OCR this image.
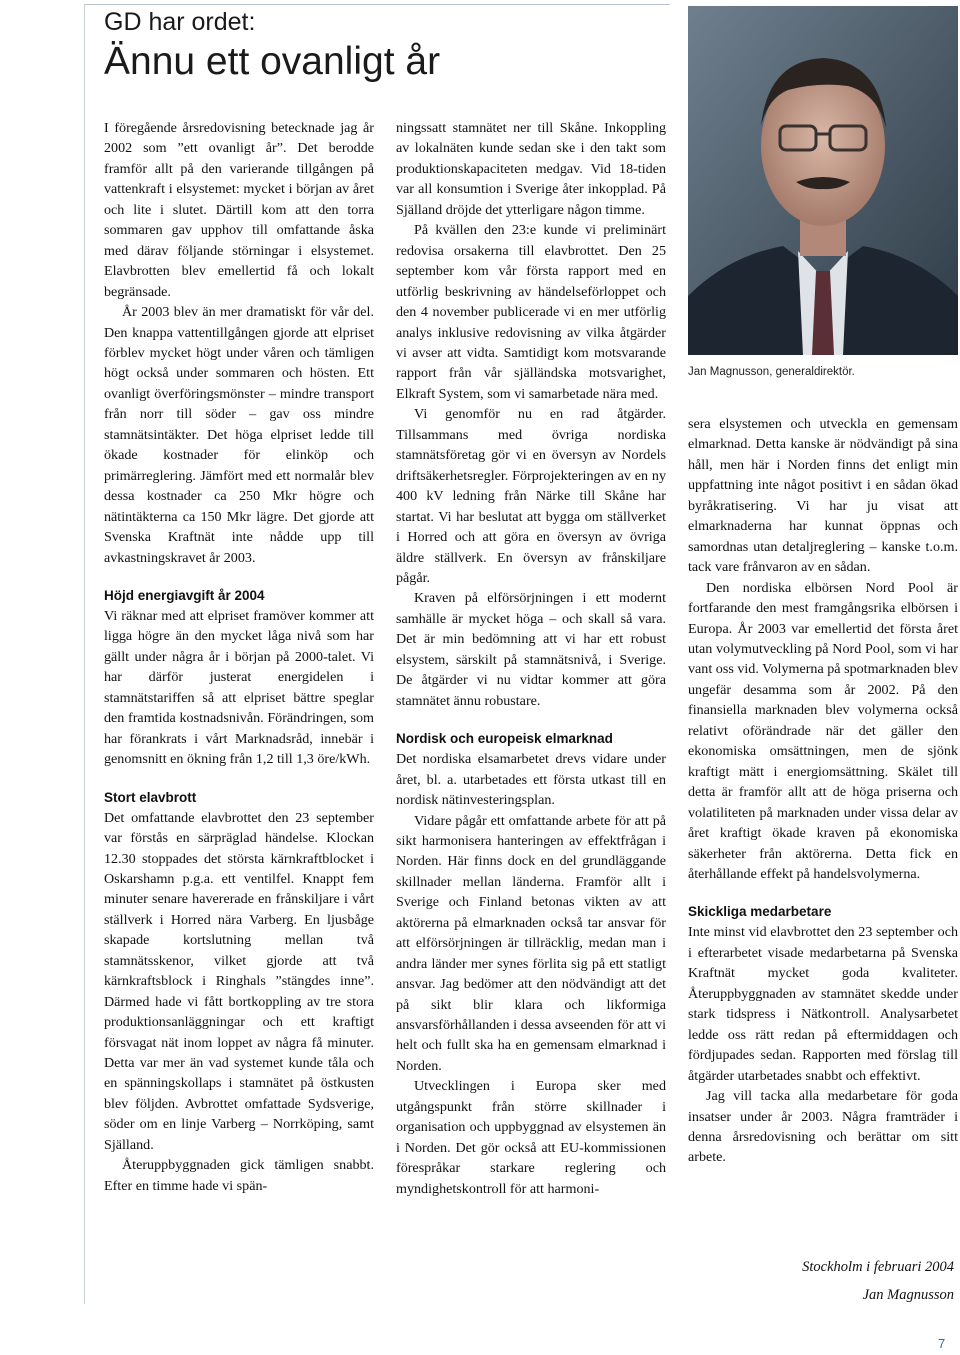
GD har ordet:
Ännu ett ovanligt år
Jan Magnusson, generaldirektör.

I föregående årsredovisning betecknade jag år 2002 som ”ett ovanligt år”. Det berodde framför allt på den varierande tillgången på vattenkraft i elsystemet: mycket i början av året och lite i slutet. Därtill kom att den torra sommaren gav upphov till omfattande åska med därav följande störningar i elsystemet. Elavbrotten blev emellertid få och lokalt begränsade.

År 2003 blev än mer dramatiskt för vår del. Den knappa vattentillgången gjorde att elpriset förblev mycket högt under våren och tämligen högt också under sommaren och hösten. Ett ovanligt överföringsmönster – mindre transport från norr till söder – gav oss mindre stamnätsintäkter. Det höga elpriset ledde till ökade kostnader för elinköp och primärreglering. Jämfört med ett normalår blev dessa kostnader ca 250 Mkr högre och nätintäkterna ca 150 Mkr lägre. Det gjorde att Svenska Kraftnät inte nådde upp till avkastningskravet år 2003.

Höjd energiavgift år 2004

Vi räknar med att elpriset framöver kommer att ligga högre än den mycket låga nivå som har gällt under några år i början på 2000-talet. Vi har därför justerat energidelen i stamnätstariffen så att elpriset bättre speglar den framtida kostnadsnivån. Förändringen, som har förankrats i vårt Marknadsråd, innebär i genomsnitt en ökning från 1,2 till 1,3 öre/kWh.

Stort elavbrott

Det omfattande elavbrottet den 23 september var förstås en särpräglad händelse. Klockan 12.30 stoppades det största kärnkraftblocket i Oskarshamn p.g.a. ett ventilfel. Knappt fem minuter senare havererade en frånskiljare i vårt ställverk i Horred nära Varberg. En ljusbåge skapade kortslutning mellan två stamnätsskenor, vilket gjorde att två kärnkraftsblock i Ringhals ”stängdes inne”. Därmed hade vi fått bortkoppling av tre stora produktionsanläggningar och ett kraftigt försvagat nät inom loppet av några få minuter. Detta var mer än vad systemet kunde tåla och en spänningskollaps i stamnätet på östkusten blev följden. Avbrottet omfattade Sydsverige, söder om en linje Varberg – Norrköping, samt Själland.

Återuppbyggnaden gick tämligen snabbt. Efter en timme hade vi spän-

ningssatt stamnätet ner till Skåne. Inkoppling av lokalnäten kunde sedan ske i den takt som produktionskapaciteten medgav. Vid 18-tiden var all konsumtion i Sverige åter inkopplad. På Själland dröjde det ytterligare någon timme.

På kvällen den 23:e kunde vi preliminärt redovisa orsakerna till elavbrottet. Den 25 september kom vår första rapport med en utförlig beskrivning av händelseförloppet och den 4 november publicerade vi en mer utförlig analys inklusive redovisning av vilka åtgärder vi avser att vidta. Samtidigt kom motsvarande rapport från vår själländska motsvarighet, Elkraft System, som vi samarbetade nära med.

Vi genomför nu en rad åtgärder. Tillsammans med övriga nordiska stamnätsföretag gör vi en översyn av Nordels driftsäkerhetsregler. Förprojekteringen av en ny 400 kV ledning från Närke till Skåne har startat. Vi har beslutat att bygga om ställverket i Horred och att göra en översyn av övriga äldre ställverk. En översyn av frånskiljare pågår.

Kraven på elförsörjningen i ett modernt samhälle är mycket höga – och skall så vara. Det är min bedömning att vi har ett robust elsystem, särskilt på stamnätsnivå, i Sverige. De åtgärder vi nu vidtar kommer att göra stamnätet ännu robustare.

Nordisk och europeisk elmarknad

Det nordiska elsamarbetet drevs vidare under året, bl. a. utarbetades ett första utkast till en nordisk nätinvesteringsplan.

Vidare pågår ett omfattande arbete för att på sikt harmonisera hanteringen av effektfrågan i Norden. Här finns dock en del grundläggande skillnader mellan länderna. Framför allt i Sverige och Finland betonas vikten av att aktörerna på elmarknaden också tar ansvar för att elförsörjningen är tillräcklig, medan man i andra länder mer synes förlita sig på ett statligt ansvar. Jag bedömer att den nödvändigt att det på sikt blir klara och likformiga ansvarsförhållanden i dessa avseenden för att vi helt och fullt ska ha en gemensam elmarknad i Norden.

Utvecklingen i Europa sker med utgångspunkt från större skillnader i organisation och uppbyggnad av elsystemen än i Norden. Det gör också att EU-kommissionen förespråkar starkare reglering och myndighetskontroll för att harmoni-

sera elsystemen och utveckla en gemensam elmarknad. Detta kanske är nödvändigt på sina håll, men här i Norden finns det enligt min uppfattning inte något positivt i en sådan ökad byråkratisering. Vi har ju visat att elmarknaderna har kunnat öppnas och samordnas utan detaljreglering – kanske t.o.m. tack vare frånvaron av en sådan.

Den nordiska elbörsen Nord Pool är fortfarande den mest framgångsrika elbörsen i Europa. År 2003 var emellertid det första året utan volymutveckling på Nord Pool, som vi har vant oss vid. Volymerna på spotmarknaden blev ungefär desamma som år 2002. På den finansiella marknaden blev volymerna också relativt oförändrade när det gäller den ekonomiska omsättningen, men de sjönk kraftigt mätt i energiomsättning. Skälet till detta är framför allt att de höga priserna och volatiliteten på marknaden under vissa delar av året kraftigt ökade kraven på ekonomiska säkerheter från aktörerna. Detta fick en återhållande effekt på handelsvolymerna.

Skickliga medarbetare

Inte minst vid elavbrottet den 23 september och i efterarbetet visade medarbetarna på Svenska Kraftnät mycket goda kvaliteter. Återuppbyggnaden av stamnätet skedde under stark tidspress i Nätkontroll. Analysarbetet ledde oss rätt redan på eftermiddagen och fördjupades sedan. Rapporten med förslag till åtgärder utarbetades snabbt och effektivt.

Jag vill tacka alla medarbetare för goda insatser under år 2003. Några framträder i denna årsredovisning och berättar om sitt arbete.

Stockholm i februari 2004
Jan Magnusson
7
